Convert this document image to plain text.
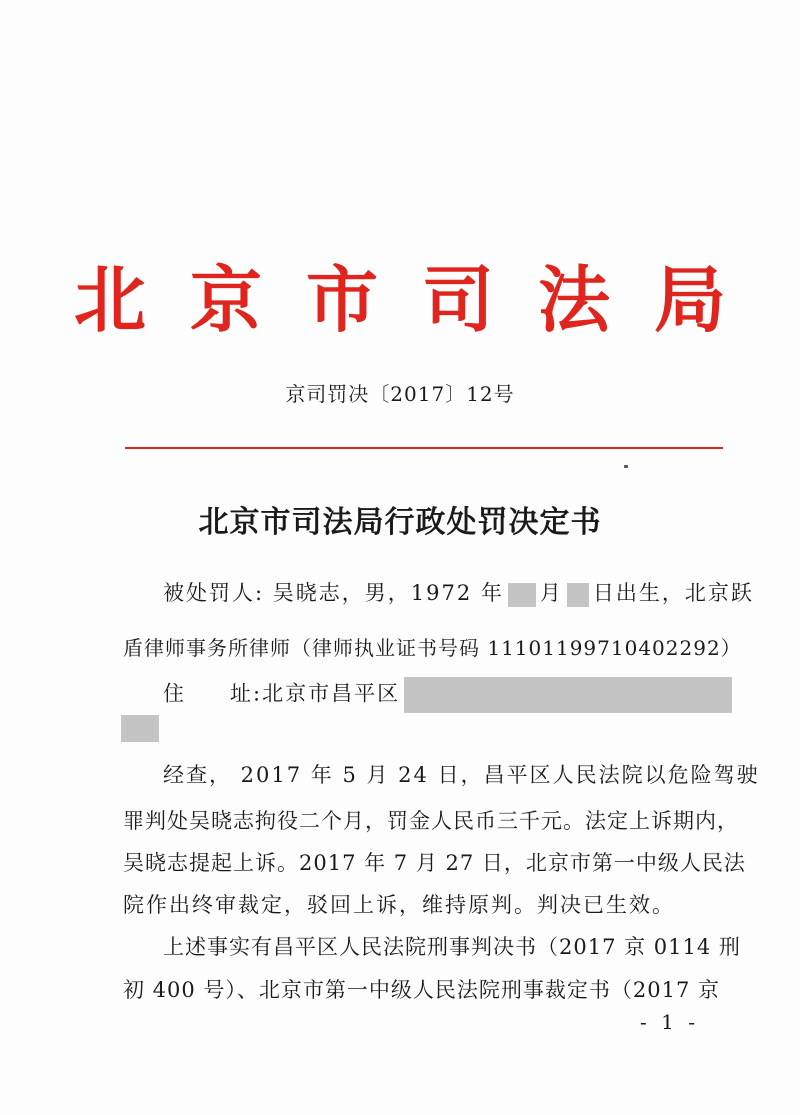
北京市司法局
京司罚决〔2017〕12号
北京市司法局行政处罚决定书
被处罚人: 吴晓志，男，1972 年 月 日出生，北京跃
盾律师事务所律师（律师执业证书号码 11101199710402292）
住 址:北京市昌平区
经查， 2017 年 5 月 24 日，昌平区人民法院以危险驾驶
罪判处吴晓志拘役二个月，罚金人民币三千元。法定上诉期内，
吴晓志提起上诉。2017 年 7 月 27 日，北京市第一中级人民法
院作出终审裁定，驳回上诉，维持原判。判决已生效。
上述事实有昌平区人民法院刑事判决书（2017 京 0114 刑
初 400 号）、北京市第一中级人民法院刑事裁定书（2017 京
- 1 -
